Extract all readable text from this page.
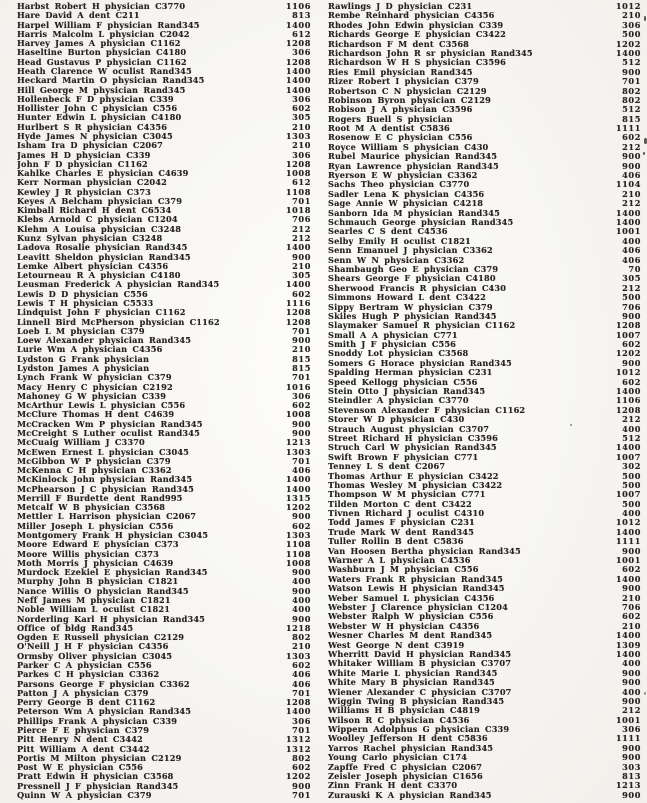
Harbst Robert H physician C3770	1106
Hare David A dent C211	813
Harpel William F physician Rand345	1400
Harris Malcolm L physician C2042	612
Harvey James A physician C1162	1208
Haseltine Burton physician C4180	306
Head Gustavus P physician C1162	1208
Heath Clarence W oculist Rand345	1400
Heckard Martin O physician Rand345	1400
Hill George M physician Rand345	1400
Hollenbeck F D physician C339	306
Hollister John C physician C556	602
Hunter Edwin L physician C4180	305
Hurlbert S R physician C4356	210
Hyde James N physician C3045	1303
Isham Ira D physician C2067	210
James H D physician C339	306
John F D physician C1162	1208
Kahlke Charles E physician C4639	1008
Kerr Norman physician C2042	612
Kewley J R physician C373	1108
Keyes A Belcham physician C379	701
Kimball Richard H dent C6534	1018
Klebs Arnold C physician C1204	706
Klehm A Louisa physician C3248	212
Kunz Sylvan physician C3248	212
Ladova Rosalie physician Rand345	1400
Leavitt Sheldon physician Rand345	900
Lemke Albert physician C4356	210
Letourneau R A physician C4180	305
Leusman Frederick A physician Rand345	1400
Lewis D D physician C556	602
Lewis T H physician C5533	1116
Lindquist John F physician C1162	1208
Linnell Bird McPherson physician C1162	1208
Loeb L M physician C379	701
Loew Alexander physician Rand345	900
Lurie Wm A physician C4356	210
Lydston G Frank physician	815
Lydston James A physician	815
Lynch Frank W physician C379	701
Macy Henry C physician C2192	1016
Mahoney G W physician C339	306
McArthur Lewis L physician C556	602
McClure Thomas H dent C4639	1008
McCracken Wm P physician Rand345	900
McCreight S Luther oculist Rand345	900
McCuaig William J C3370	1213
McEwen Ernest L physician C3045	1303
McGibbon W P physician C379	701
McKenna C H physician C3362	406
McKinlock John physician Rand345	1400
McPhearson J C physician Rand345	1400
Merrill F Burdette dent Rand995	1315
Metcalf W B physician C3568	1202
Mettler L Harrison physician C2067	900
Miller Joseph L physician C556	602
Montgomery Frank H physician C3045	1303
Moore Edward E physician C373	1108
Moore Willis physician C373	1108
Moth Morris J physician C4639	1008
Murdock Ezekiel E physician Rand345	900
Murphy John B physician C1821	400
Nance Willis O physician Rand345	900
Neff James M physician C1821	400
Noble William L oculist C1821	400
Norderling Karl H physician Rand345	900
Office of bldg Rand345	1218
Ogden E Russell physician C2129	802
O'Neill J H F physician C4356	210
Ormsby Oliver physician C3045	1303
Parker C A physician C556	602
Parkes C H physician C3362	406
Parsons George F physician C3362	406
Patton J A physician C379	701
Perry George B dent C1162	1208
Peterson Wm A physician Rand345	1400
Phillips Frank A physician C339	306
Pierce F E physician C379	701
Pitt Henry N dent C3442	1312
Pitt William A dent C3442	1312
Portis M Milton physician C2129	802
Post W E physician C556	602
Pratt Edwin H physician C3568	1202
Pressnell J F physician Rand345	900
Quinn W A physician C379	701
Rawlings J D physician C231	1012
Rembe Reinhard physician C4356	210
Rhodes John Edwin physician C339	306
Richards George E physician C3422	500
Richardson F M dent C3568	1202
Richardson John R sr physician Rand345	1400
Richardson W H S physician C3596	512
Ries Emil physician Rand345	900
Rizer Robert I physician C379	701
Robertson C N physician C2129	802
Robinson Byron physician C2129	802
Robison J A physician C3596	512
Rogers Buell S physician	815
Root M A dentist C5836	1111
Rosenow E C physician C556	602
Royce William S physician C430	212
Rubel Maurice physician Rand345	900
Ryan Lawrence physician Rand345	900
Ryerson E W physician C3362	406
Sachs Theo physician C3770	1104
Sadler Lena K physician C4356	210
Sage Annie W physician C4218	212
Sanborn Ida M physician Rand345	1400
Schmauch George physician Rand345	1400
Searles C S dent C4536	1001
Selby Emily H oculist C1821	400
Senn Emanuel J physician C3362	406
Senn W N physician C3362	406
Shambaugh Geo E physician C379	70
Shears George F physician C4180	305
Sherwood Francis R physician C430	212
Simmons Howard L dent C3422	500
Sippy Bertram W physician C379	706
Skiles Hugh P physician Rand345	900
Slaymaker Samuel R physician C1162	1208
Small A A physician C771	1007
Smith J F physician C556	602
Snoddy Lot physician C3568	1202
Somers G Horace physician Rand345	900
Spalding Herman physician C231	1012
Speed Kellogg physician C556	602
Stein Otto J physician Rand345	1400
Steindler A physician C3770	1106
Stevenson Alexander F physician C1162	1208
Storer W D physician C430	212
Strauch August physician C3707	400
Street Richard H physician C3596	512
Struch Carl W physician Rand345	1400
Swift Brown F physician C771	1007
Tenney L S dent C2067	302
Thomas Arthur E physician C3422	500
Thomas Wesley M physician C3422	500
Thompson W M physician C771	1007
Tilden Morton C dent C3422	500
Tivnen Richard J oculist C4310	400
Todd James F physician C231	1012
Trude Mark W dent Rand345	1400
Tuller Rollin B dent C5836	1111
Van Hoosen Bertha physician Rand345	900
Warner A L physician C4536	1001
Washburn J M physician C556	602
Waters Frank R physician Rand345	1400
Watson Lewis H physician Rand345	900
Weber Samuel L physician C4356	210
Webster J Clarence physician C1204	706
Webster Ralph W physician C556	602
Webster W H physician C4356	210
Wesner Charles M dent Rand345	1400
West George N dent C3919	1309
Wherritt David H physician Rand345	1400
Whitaker William B physician C3707	400
White Marie L physician Rand345	900
White Mary B physician Rand345	900
Wiener Alexander C physician C3707	400
Wiggin Twing B physician Rand345	900
Williams H B physician C4819	212
Wilson R C physician C4536	1001
Wippern Adolphus G physician C339	306
Woolley Jefferson H dent C5836	1111
Yarros Rachel physician Rand345	900
Young Carlo physician C174	900
Zapffe Fred C physician C2067	303
Zeisler Joseph physician C1656	813
Zinn Frank H dent C3370	1213
Zurauski K A physician Rand345	900
